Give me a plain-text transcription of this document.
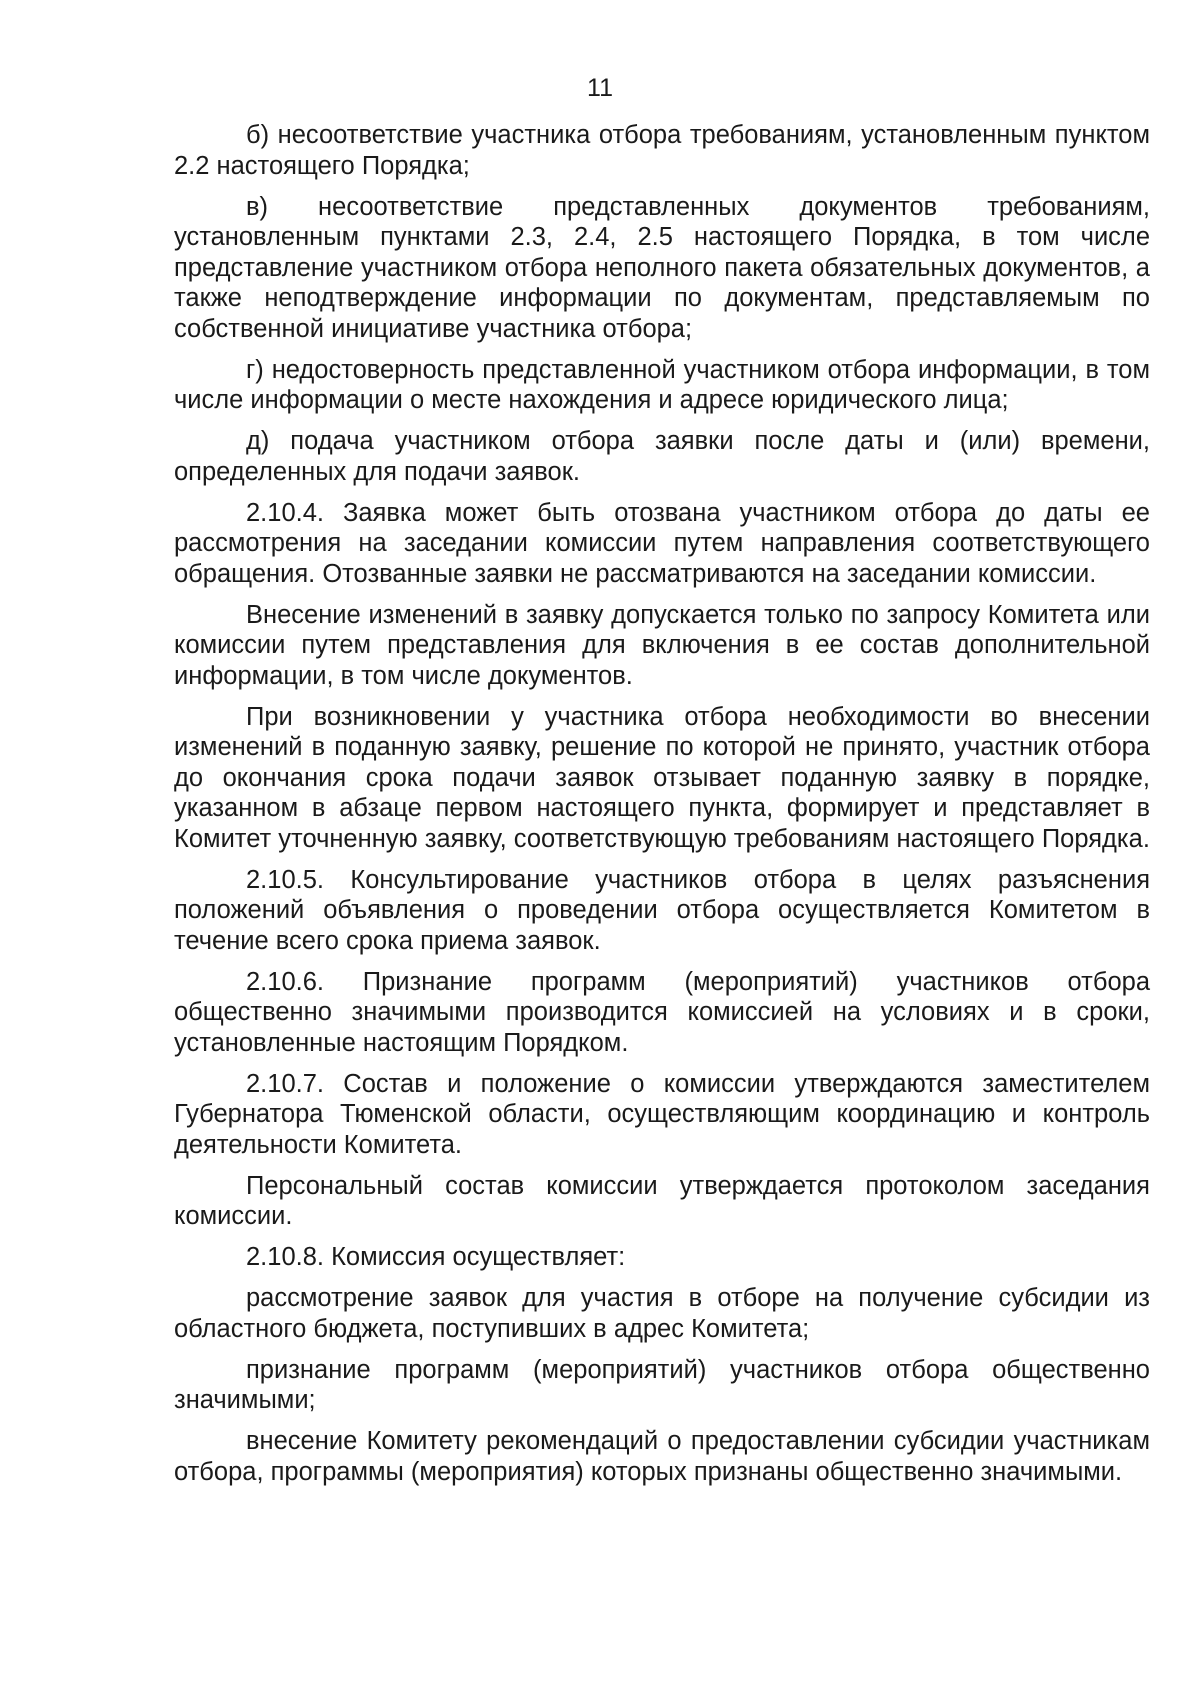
11

б) несоответствие участника отбора требованиям, установленным пунктом 2.2 настоящего Порядка;

в) несоответствие представленных документов требованиям, установленным пунктами 2.3, 2.4, 2.5 настоящего Порядка, в том числе представление участником отбора неполного пакета обязательных документов, а также неподтверждение информации по документам, представляемым по собственной инициативе участника отбора;

г) недостоверность представленной участником отбора информации, в том числе информации о месте нахождения и адресе юридического лица;

д) подача участником отбора заявки после даты и (или) времени, определенных для подачи заявок.

2.10.4. Заявка может быть отозвана участником отбора до даты ее рассмотрения на заседании комиссии путем направления соответствующего обращения. Отозванные заявки не рассматриваются на заседании комиссии.

Внесение изменений в заявку допускается только по запросу Комитета или комиссии путем представления для включения в ее состав дополнительной информации, в том числе документов.

При возникновении у участника отбора необходимости во внесении изменений в поданную заявку, решение по которой не принято, участник отбора до окончания срока подачи заявок отзывает поданную заявку в порядке, указанном в абзаце первом настоящего пункта, формирует и представляет в Комитет уточненную заявку, соответствующую требованиям настоящего Порядка.

2.10.5. Консультирование участников отбора в целях разъяснения положений объявления о проведении отбора осуществляется Комитетом в течение всего срока приема заявок.

2.10.6. Признание программ (мероприятий) участников отбора общественно значимыми производится комиссией на условиях и в сроки, установленные настоящим Порядком.

2.10.7. Состав и положение о комиссии утверждаются заместителем Губернатора Тюменской области, осуществляющим координацию и контроль деятельности Комитета.

Персональный состав комиссии утверждается протоколом заседания комиссии.

2.10.8. Комиссия осуществляет:

рассмотрение заявок для участия в отборе на получение субсидии из областного бюджета, поступивших в адрес Комитета;

признание программ (мероприятий) участников отбора общественно значимыми;

внесение Комитету рекомендаций о предоставлении субсидии участникам отбора, программы (мероприятия) которых признаны общественно значимыми.
